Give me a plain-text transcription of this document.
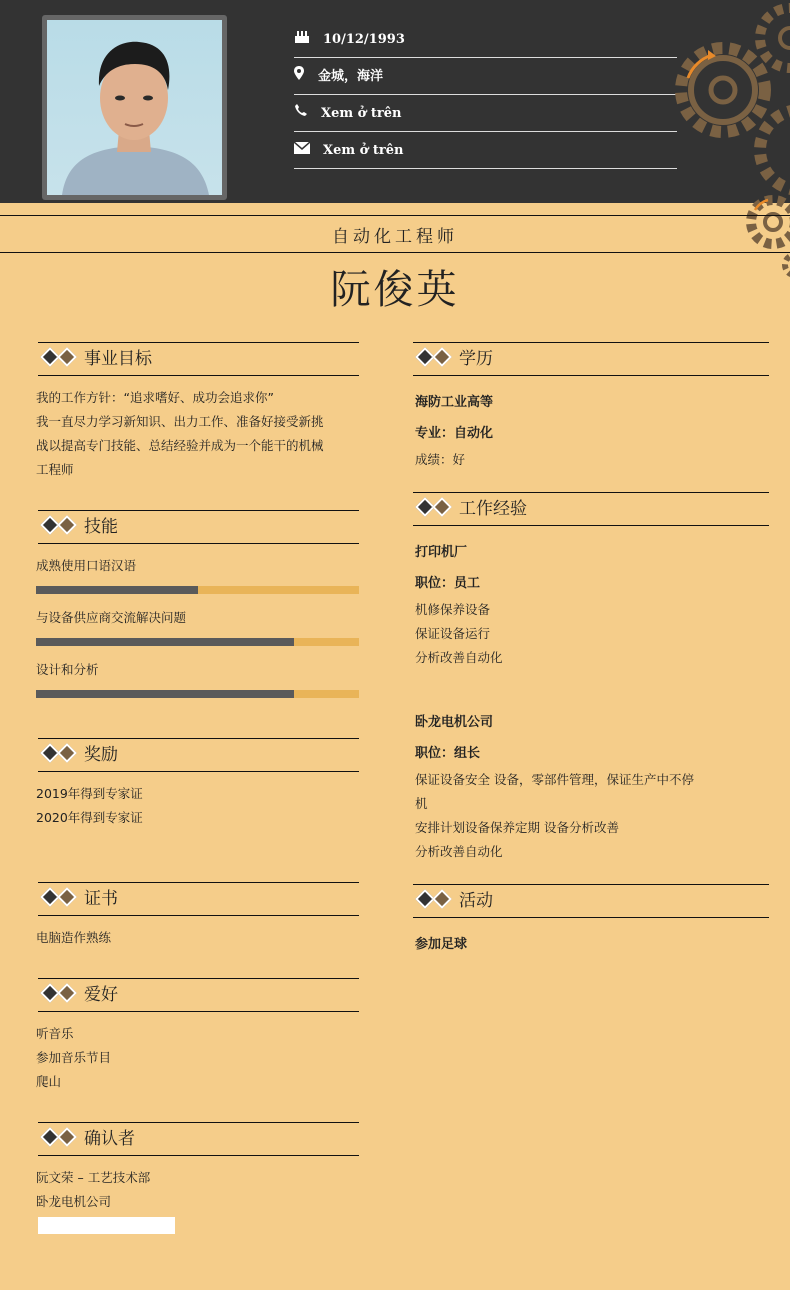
10/12/1993
金城，海洋
Xem ở trên
Xem ở trên
自动化工程师
阮俊英
事业目标
我的工作方针：“追求嗜好、成功会追求你”
我一直尽力学习新知识、出力工作、准备好接受新挑
战以提高专门技能、总结经验并成为一个能干的机械
工程师
技能
成熟使用口语汉语
与设备供应商交流解决问题
设计和分析
奖励
2019年得到专家证
2020年得到专家证
证书
电脑造作熟练
爱好
听音乐
参加音乐节目
爬山
确认者
阮文荣 – 工艺技术部
卧龙电机公司
学历
海防工业高等
专业：自动化
成绩：好
工作经验
打印机厂
职位：员工
机修保养设备
保证设备运行
分析改善自动化
卧龙电机公司
职位：组长
保证设备安全 设备，零部件管理，保证生产中不停
机
安排计划设备保养定期 设备分析改善
分析改善自动化
活动
参加足球
